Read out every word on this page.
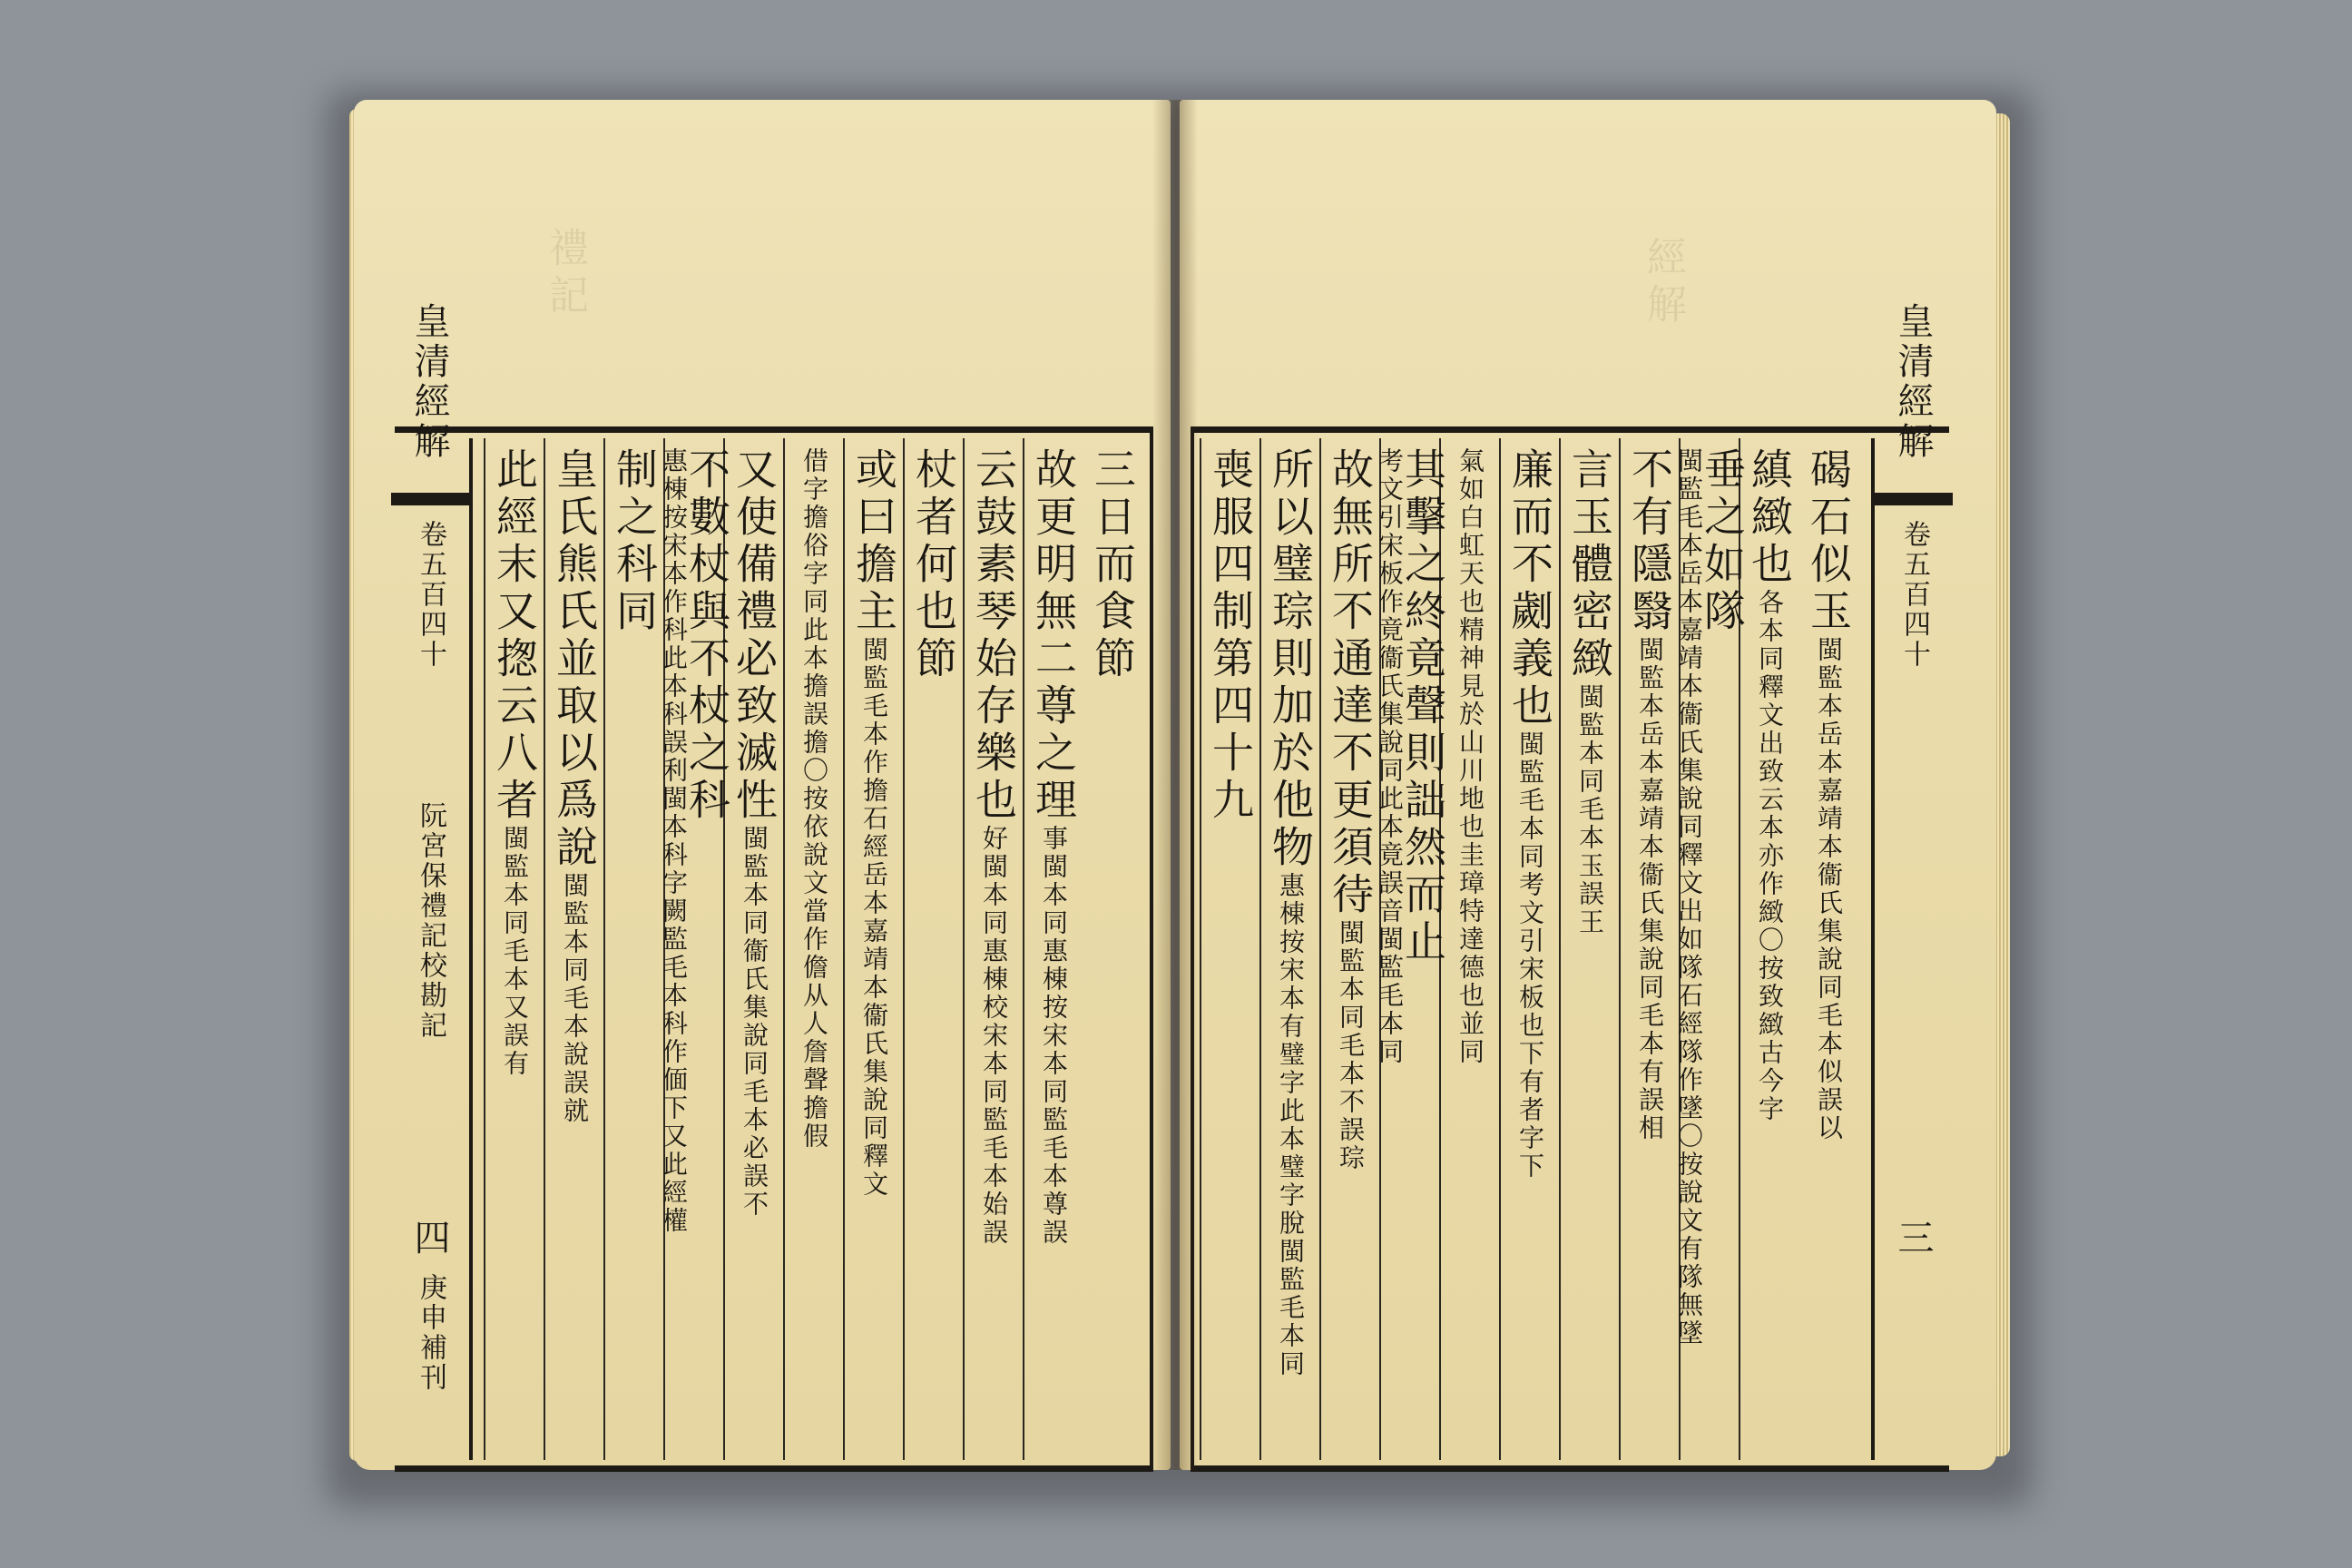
禮記
皇清經解
卷五百四十
阮宮保禮記校勘記
四
庚申補刊
三日而食節
故更明無二尊之理事閩本同惠棟按宋本同監毛本尊誤
云鼓素琴始存樂也好閩本同惠棟校宋本同監毛本始誤
杖者何也節
或曰擔主閩監毛本作擔石經岳本嘉靖本衞氏集說同釋文
借字擔俗字同此本擔誤擔〇按依說文當作儋从人詹聲擔假
又使備禮必致滅性閩監本同衞氏集說同毛本必誤不
不數杖與不杖之科惠棟按宋本作科此本科誤利閩本科字闕監毛本科作偭下又此經權
制之科同
皇氏熊氏並取以爲說閩監本同毛本說誤就
此經末又揔云八者閩監本同毛本又誤有
經解
皇清經解
卷五百四十
三
碣石似玉閩監本岳本嘉靖本衞氏集說同毛本似誤以
縝緻也各本同釋文出致云本亦作緻〇按致緻古今字
垂之如隊閩監毛本岳本嘉靖本衞氏集說同釋文出如隊石經隊作墜〇按說文有隊無墜
不有隱翳閩監本岳本嘉靖本衞氏集說同毛本有誤相
言玉體密緻閩監本同毛本玉誤王
廉而不劌義也閩監毛本同考文引宋板也下有者字下
氣如白虹天也精神見於山川地也圭璋特達德也並同
其擊之終竟聲則詘然而止考文引宋板作竟衞氏集說同此本竟誤音閩監毛本同
故無所不通達不更須待閩監本同毛本不誤琮
所以璧琮則加於他物惠棟按宋本有璧字此本璧字脫閩監毛本同
喪服四制第四十九
